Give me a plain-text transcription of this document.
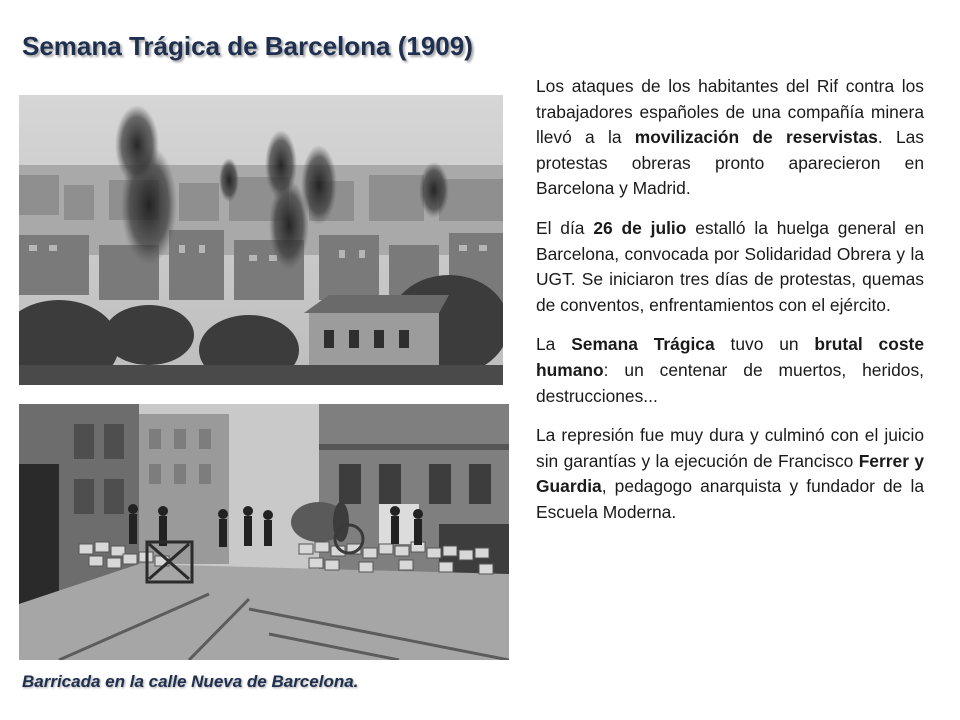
Semana Trágica de Barcelona (1909)
Barricada en la calle Nueva de Barcelona.

Los ataques de los habitantes del Rif contra los trabajadores españoles de una compañía minera llevó a la movilización de reservistas. Las protestas obreras pronto aparecieron en Barcelona y Madrid.

El día 26 de julio estalló la huelga general en Barcelona, convocada por Solidaridad Obrera y la UGT. Se iniciaron tres días de protestas, quemas de conventos, enfrentamientos con el ejército.

La Semana Trágica tuvo un brutal coste humano: un centenar de muertos, heridos, destrucciones...

La represión fue muy dura y culminó con el juicio sin garantías y la ejecución de Francisco Ferrer y Guardia, pedagogo anarquista y fundador de la Escuela Moderna.
